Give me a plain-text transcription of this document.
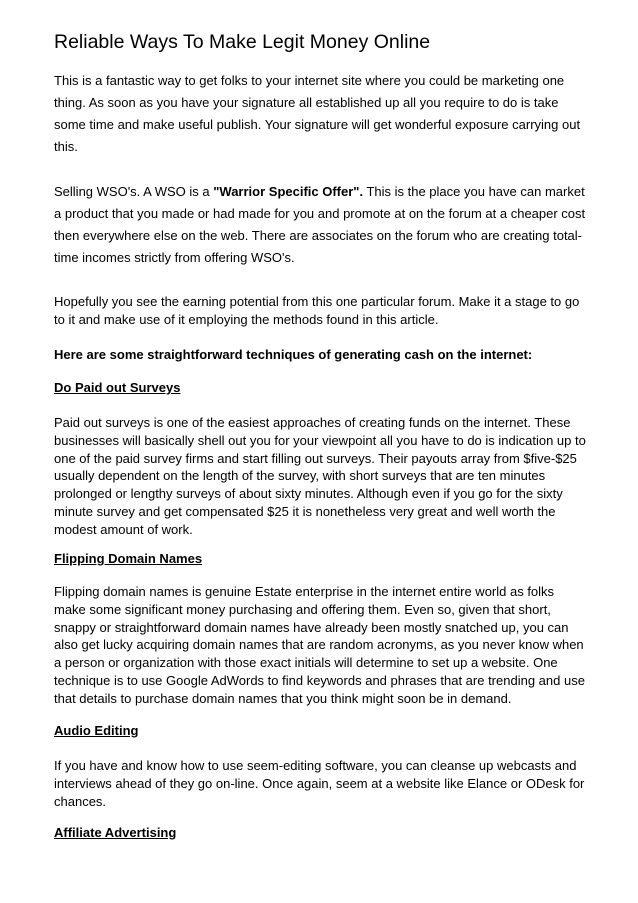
Reliable Ways To Make Legit Money Online

This is a fantastic way to get folks to your internet site where you could be marketing one thing. As soon as you have your signature all established up all you require to do is take some time and make useful publish. Your signature will get wonderful exposure carrying out this.

Selling WSO's. A WSO is a "Warrior Specific Offer". This is the place you have can market a product that you made or had made for you and promote at on the forum at a cheaper cost then everywhere else on the web. There are associates on the forum who are creating total-time incomes strictly from offering WSO's.

Hopefully you see the earning potential from this one particular forum. Make it a stage to go to it and make use of it employing the methods found in this article.

Here are some straightforward techniques of generating cash on the internet:

Do Paid out Surveys

Paid out surveys is one of the easiest approaches of creating funds on the internet. These businesses will basically shell out you for your viewpoint all you have to do is indication up to one of the paid survey firms and start filling out surveys. Their payouts array from $five-$25 usually dependent on the length of the survey, with short surveys that are ten minutes prolonged or lengthy surveys of about sixty minutes. Although even if you go for the sixty minute survey and get compensated $25 it is nonetheless very great and well worth the modest amount of work.

Flipping Domain Names

Flipping domain names is genuine Estate enterprise in the internet entire world as folks make some significant money purchasing and offering them. Even so, given that short, snappy or straightforward domain names have already been mostly snatched up, you can also get lucky acquiring domain names that are random acronyms, as you never know when a person or organization with those exact initials will determine to set up a website. One technique is to use Google AdWords to find keywords and phrases that are trending and use that details to purchase domain names that you think might soon be in demand.

Audio Editing

If you have and know how to use seem-editing software, you can cleanse up webcasts and interviews ahead of they go on-line. Once again, seem at a website like Elance or ODesk for chances.

Affiliate Advertising
